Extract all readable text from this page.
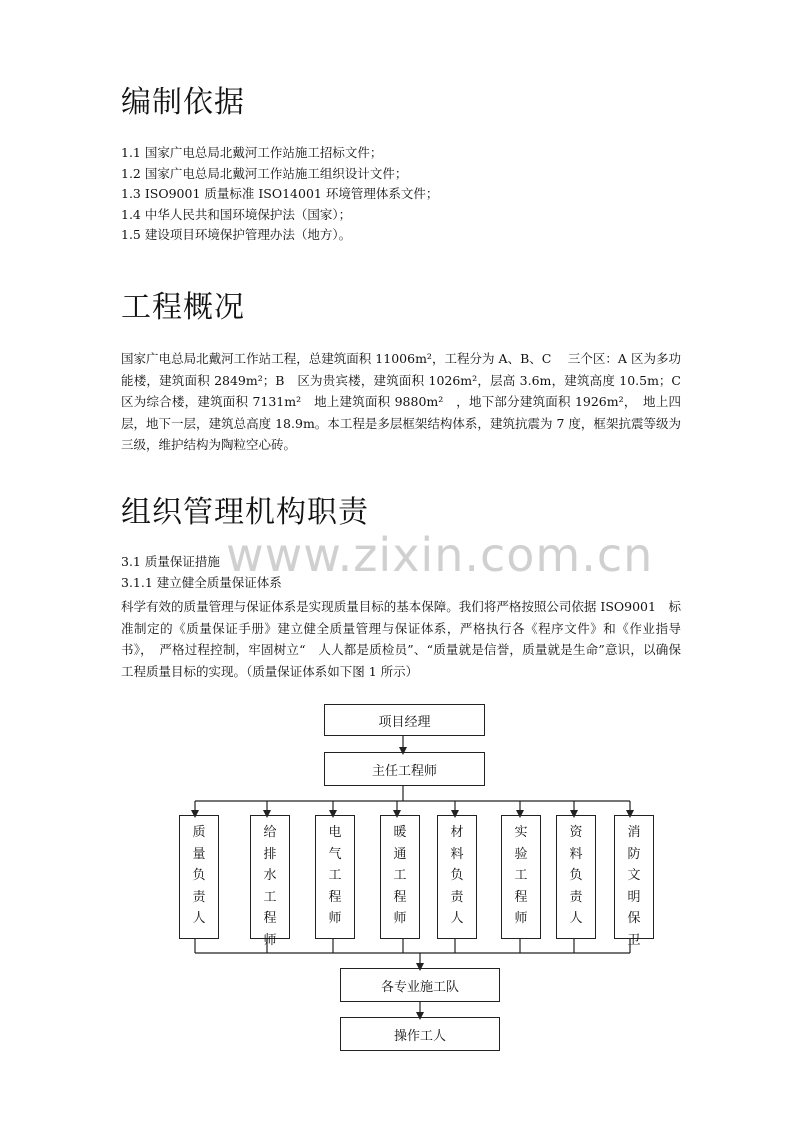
编制依据
1.1 国家广电总局北戴河工作站施工招标文件；
1.2 国家广电总局北戴河工作站施工组织设计文件；
1.3 ISO9001 质量标准 ISO14001 环境管理体系文件；
1.4 中华人民共和国环境保护法（国家）；
1.5 建设项目环境保护管理办法（地方）。
工程概况

国家广电总局北戴河工作站工程，总建筑面积 11006m²，工程分为 A、B、C　 三个区：A 区为多功能楼，建筑面积 2849m²；B　区为贵宾楼，建筑面积 1026m²，层高 3.6m，建筑高度 10.5m；C　区为综合楼，建筑面积 7131m²　地上建筑面积 9880m²　，地下部分建筑面积 1926m²，　地上四层，地下一层，建筑总高度 18.9m。本工程是多层框架结构体系，建筑抗震为 7 度，框架抗震等级为三级，维护结构为陶粒空心砖。

组织管理机构职责
www.zixin.com.cn
3.1 质量保证措施
3.1.1 建立健全质量保证体系

科学有效的质量管理与保证体系是实现质量目标的基本保障。我们将严格按照公司依据 ISO9001　标准制定的《质量保证手册》建立健全质量管理与保证体系，严格执行各《程序文件》和《作业指导书》，　严格过程控制，牢固树立“　人人都是质检员”、“质量就是信誉，质量就是生命”意识，以确保工程质量目标的实现。（质量保证体系如下图 1 所示）

项目经理
主任工程师
质量负责人
给排水工程师
电气工程师
暖通工程师
材料负责人
实验工程师
资料负责人
消防文明保卫
各专业施工队
操作工人
